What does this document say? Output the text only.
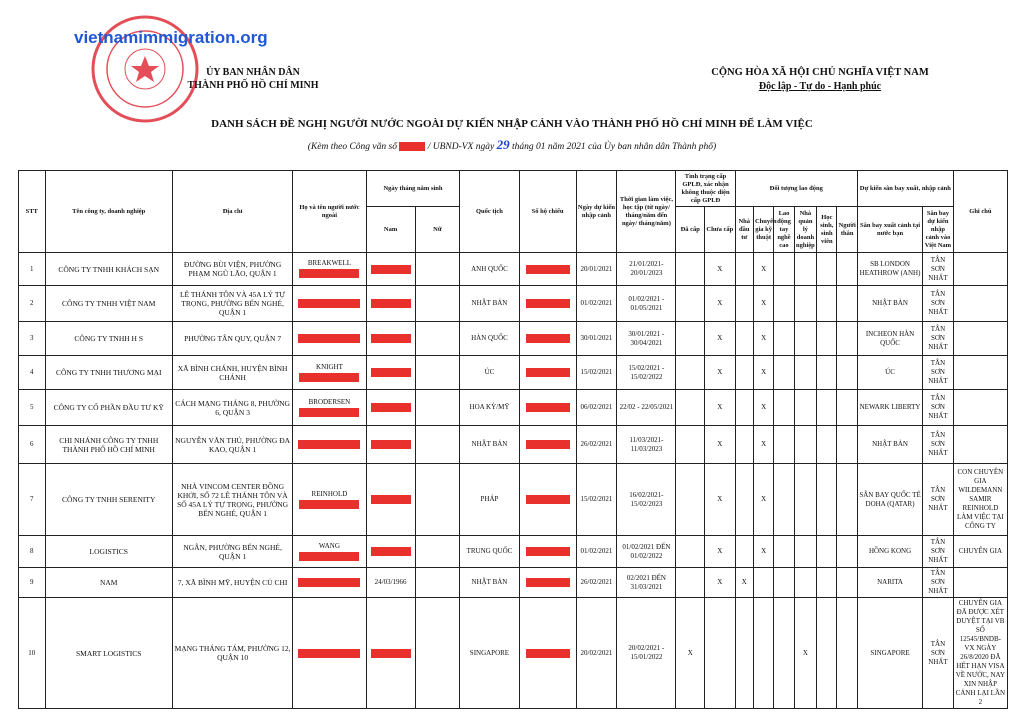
vietnamimmigration.org
ỦY BAN NHÂN DÂN
THÀNH PHỐ HỒ CHÍ MINH
CỘNG HÒA XÃ HỘI CHỦ NGHĨA VIỆT NAM
Độc lập - Tự do - Hạnh phúc
DANH SÁCH ĐỀ NGHỊ NGƯỜI NƯỚC NGOÀI DỰ KIẾN NHẬP CẢNH VÀO THÀNH PHỐ HỒ CHÍ MINH ĐỂ LÀM VIỆC
(Kèm theo Công văn số	/ UBND-VX ngày 29 tháng 01 năm 2021 của Ủy ban nhân dân Thành phố)
STT	Tên công ty, doanh nghiệp	Địa chỉ	Họ và tên người nước ngoài	Ngày tháng năm sinh		Quốc tịch	Số hộ chiếu	Ngày dự kiến nhập cảnh	Thời gian làm việc, học tập (từ ngày/ tháng/năm đến ngày/ tháng/năm)	Tình trạng cấp GPLĐ, xác nhận không thuộc diện cấp GPLĐ		Đối tượng lao động						Dự kiến sân bay xuất, nhập cảnh		Ghi chú
				Nam	Nữ					Đã cấp	Chưa cấp	Nhà đầu tư	Chuyên gia kỹ thuật	Lao động tay nghề cao	Nhà quản lý doanh nghiệp	Học sinh, sinh viên	Người thân	Sân bay xuất cảnh tại nước bạn	Sân bay dự kiến nhập cảnh vào Việt Nam	
1	CÔNG TY TNHH KHÁCH SẠN	ĐƯỜNG BÙI VIỆN, PHƯỜNG PHẠM NGŨ LÃO, QUẬN 1	BREAKWELL			ANH QUỐC		20/01/2021	21/01/2021- 20/01/2023		X		X					SB LONDON HEATHROW (ANH)	TÂN SƠN NHẤT	
2	CÔNG TY TNHH VIỆT NAM	LÊ THÁNH TÔN VÀ 45A LÝ TỰ TRỌNG, PHƯỜNG BẾN NGHÉ, QUẬN 1				NHẬT BẢN		01/02/2021	01/02/2021 - 01/05/2021		X		X					NHẬT BẢN	TÂN SƠN NHẤT	
3	CÔNG TY TNHH H S	PHƯỜNG TÂN QUY, QUẬN 7				HÀN QUỐC		30/01/2021	30/01/2021 - 30/04/2021		X		X					INCHEON HÀN QUỐC	TÂN SƠN NHẤT	
4	CÔNG TY TNHH THƯƠNG MẠI	XÃ BÌNH CHÁNH, HUYỆN BÌNH CHÁNH	KNIGHT			ÚC		15/02/2021	15/02/2021 - 15/02/2022		X		X					ÚC	TÂN SƠN NHẤT	
5	CÔNG TY CỔ PHẦN ĐẦU TƯ KỸ	CÁCH MẠNG THÁNG 8, PHƯỜNG 6, QUẬN 3	BRODERSEN			HOA KỲ/MỸ		06/02/2021	22/02 - 22/05/2021		X		X					NEWARK LIBERTY	TÂN SƠN NHẤT	
6	CHI NHÁNH CÔNG TY TNHH THÀNH PHỐ HỒ CHÍ MINH	NGUYỄN VĂN THỦ, PHƯỜNG ĐA KAO, QUẬN 1				NHẬT BẢN		26/02/2021	11/03/2021- 11/03/2023		X		X					NHẬT BẢN	TÂN SƠN NHẤT	
7	CÔNG TY TNHH SERENITY	NHÀ VINCOM CENTER ĐỒNG KHỞI, SỐ 72 LÊ THÁNH TÔN VÀ SỐ 45A LÝ TỰ TRỌNG, PHƯỜNG BẾN NGHÉ, QUẬN 1	REINHOLD			PHÁP		15/02/2021	16/02/2021- 15/02/2023		X		X					SÂN BAY QUỐC TẾ DOHA (QATAR)	TÂN SƠN NHẤT	CON CHUYÊN GIA WILDEMANN SAMIR REINHOLD LÀM VIỆC TẠI CÔNG TY
8	LOGISTICS	NGÂN, PHƯỜNG BẾN NGHÉ, QUẬN 1	WANG			TRUNG QUỐC		01/02/2021	01/02/2021 ĐẾN 01/02/2022		X		X					HỒNG KONG	TÂN SƠN NHẤT	CHUYÊN GIA
9	NAM	7, XÃ BÌNH MỸ, HUYỆN CỦ CHI		24/03/1966		NHẬT BẢN		26/02/2021	02/2021 ĐẾN 31/03/2021		X	X						NARITA	TÂN SƠN NHẤT	
10	SMART LOGISTICS	MẠNG THÁNG TÁM, PHƯỜNG 12, QUẬN 10				SINGAPORE		20/02/2021	20/02/2021 - 15/01/2022	X					X			SINGAPORE	TÂN SƠN NHẤT	CHUYÊN GIA ĐÃ ĐƯỢC XÉT DUYỆT TẠI VB SỐ 12545/BNDB-VX NGÀY 26/8/2020 ĐÃ HẾT HẠN VISA VỀ NƯỚC, NAY XIN NHẬP CẢNH LẠI LẦN 2
